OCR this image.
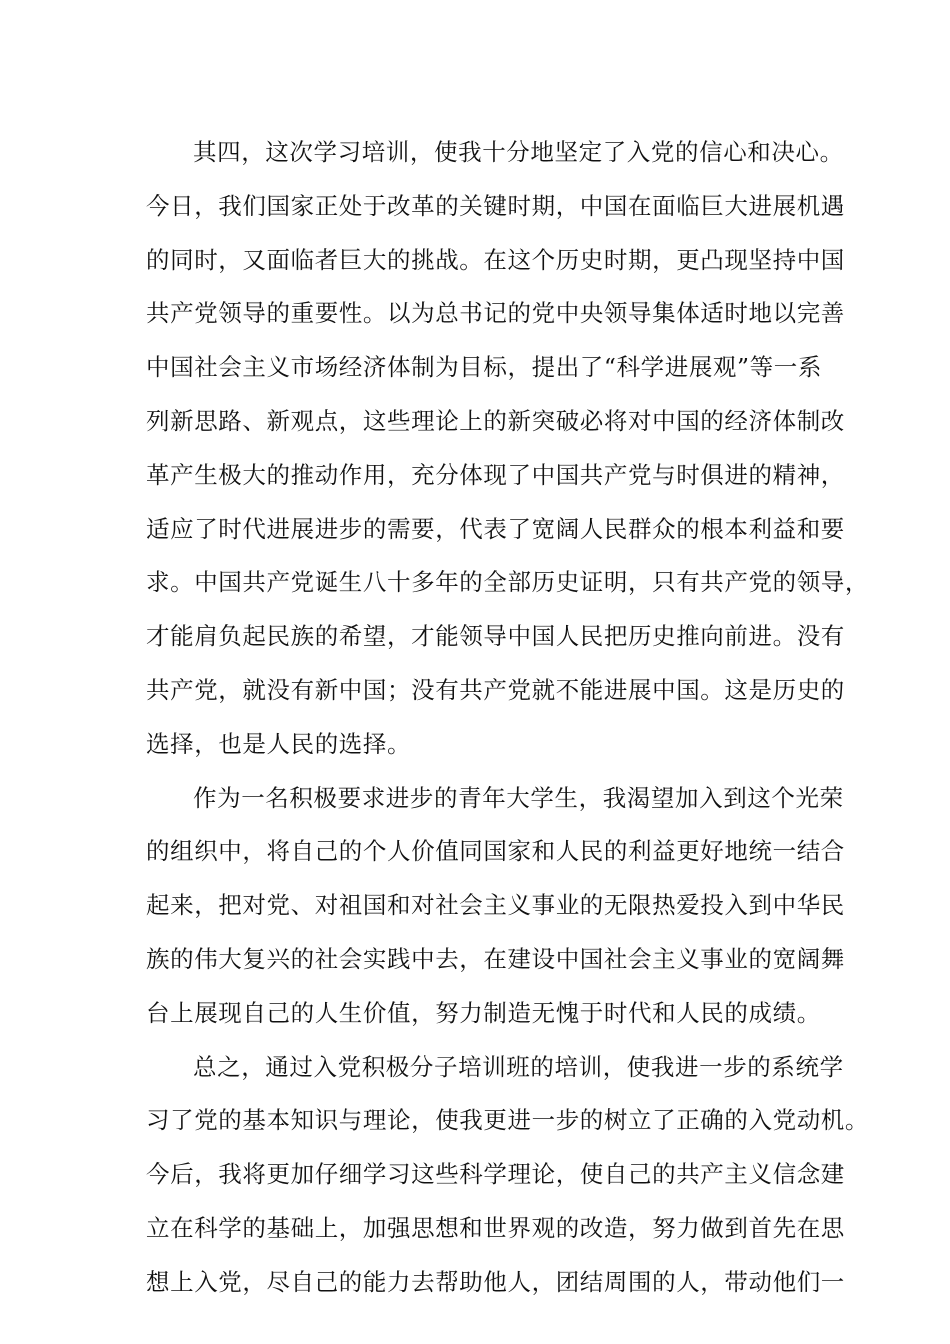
其四，这次学习培训，使我十分地坚定了入党的信心和决心。
今日，我们国家正处于改革的关键时期，中国在面临巨大进展机遇
的同时，又面临者巨大的挑战。在这个历史时期，更凸现坚持中国
共产党领导的重要性。以为总书记的党中央领导集体适时地以完善
中国社会主义市场经济体制为目标，提出了“科学进展观”等一系
列新思路、新观点，这些理论上的新突破必将对中国的经济体制改
革产生极大的推动作用，充分体现了中国共产党与时俱进的精神，
适应了时代进展进步的需要，代表了宽阔人民群众的根本利益和要
求。中国共产党诞生八十多年的全部历史证明，只有共产党的领导，
才能肩负起民族的希望，才能领导中国人民把历史推向前进。没有
共产党，就没有新中国；没有共产党就不能进展中国。这是历史的
选择，也是人民的选择。
作为一名积极要求进步的青年大学生，我渴望加入到这个光荣
的组织中，将自己的个人价值同国家和人民的利益更好地统一结合
起来，把对党、对祖国和对社会主义事业的无限热爱投入到中华民
族的伟大复兴的社会实践中去，在建设中国社会主义事业的宽阔舞
台上展现自己的人生价值，努力制造无愧于时代和人民的成绩。
总之，通过入党积极分子培训班的培训，使我进一步的系统学
习了党的基本知识与理论，使我更进一步的树立了正确的入党动机。
今后，我将更加仔细学习这些科学理论，使自己的共产主义信念建
立在科学的基础上，加强思想和世界观的改造，努力做到首先在思
想上入党，尽自己的能力去帮助他人，团结周围的人，带动他们一
